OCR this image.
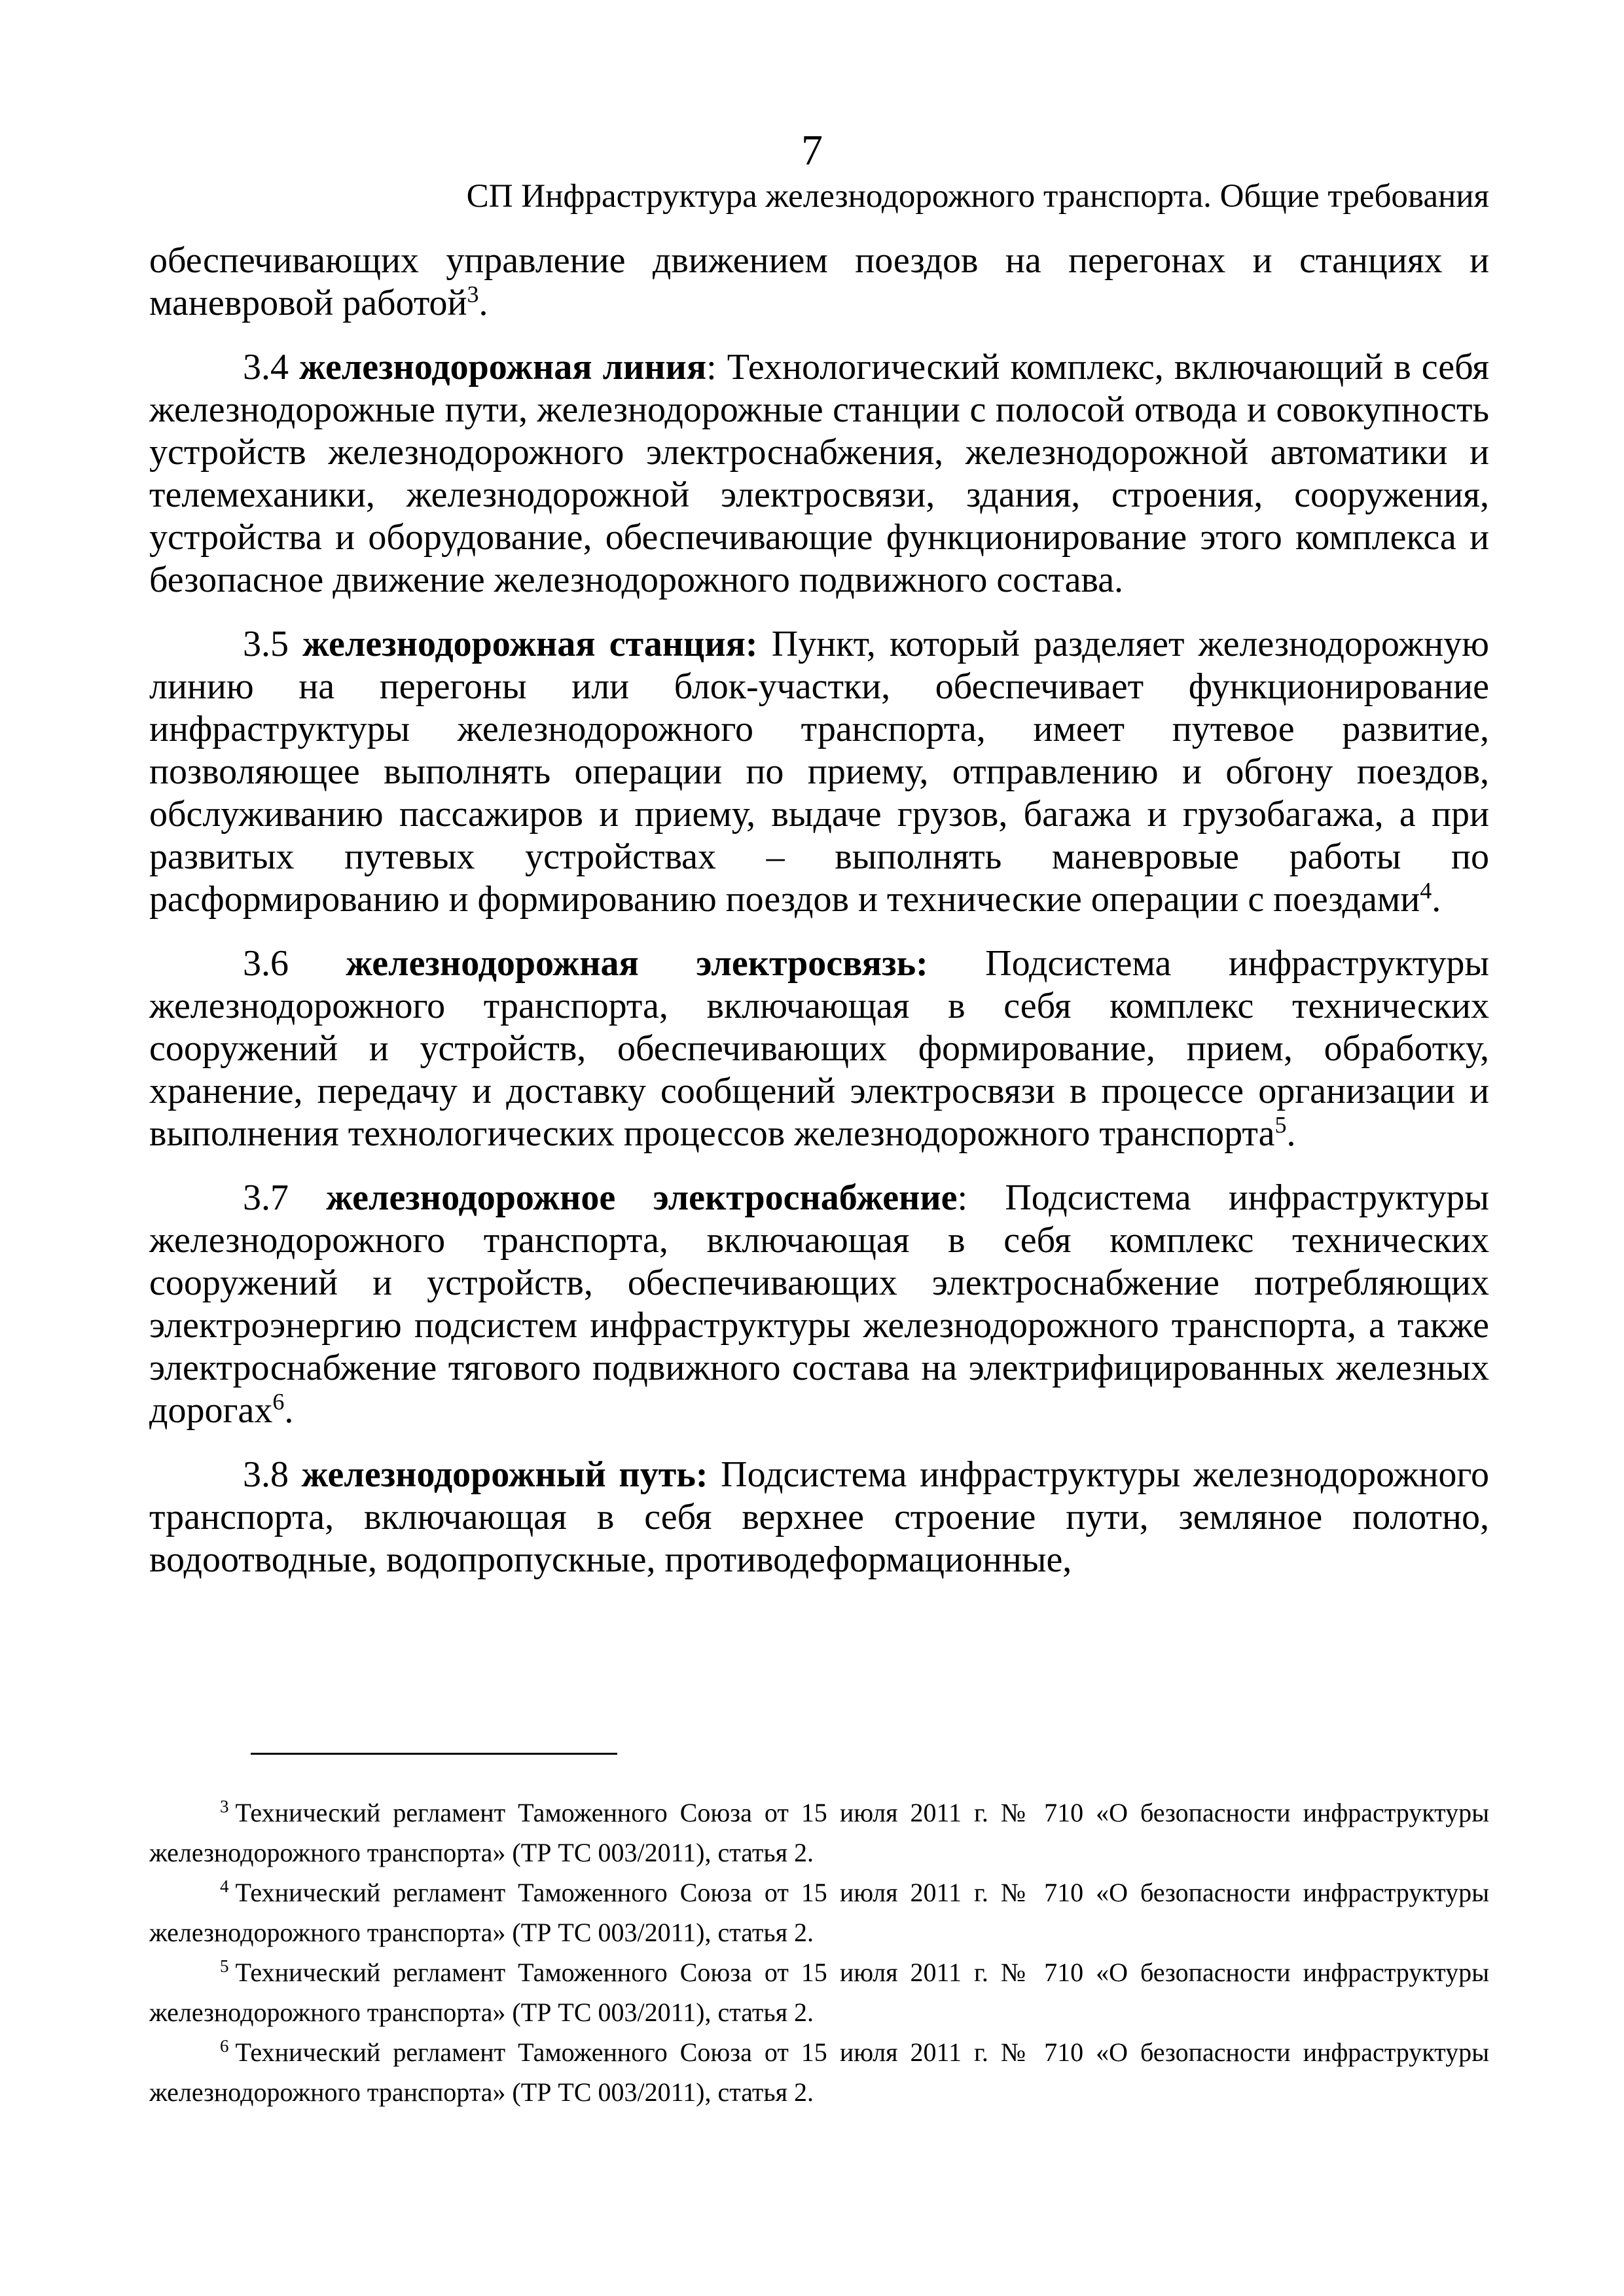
7
СП Инфраструктура железнодорожного транспорта. Общие требования

обеспечивающих управление движением поездов на перегонах и станциях и маневровой работой$^3$.

3.4 железнодорожная линия: Технологический комплекс, включающий в себя железнодорожные пути, железнодорожные станции с полосой отвода и совокупность устройств железнодорожного электроснабжения, железнодорожной автоматики и телемеханики, железнодорожной электросвязи, здания, строения, сооружения, устройства и оборудование, обеспечивающие функционирование этого комплекса и безопасное движение железнодорожного подвижного состава.

3.5 железнодорожная станция: Пункт, который разделяет железнодорожную линию на перегоны или блок-участки, обеспечивает функционирование инфраструктуры железнодорожного транспорта, имеет путевое развитие, позволяющее выполнять операции по приему, отправлению и обгону поездов, обслуживанию пассажиров и приему, выдаче грузов, багажа и грузобагажа, а при развитых путевых устройствах – выполнять маневровые работы по расформированию и формированию поездов и технические операции с поездами$^4$.

3.6 железнодорожная электросвязь: Подсистема инфраструктуры железнодорожного транспорта, включающая в себя комплекс технических сооружений и устройств, обеспечивающих формирование, прием, обработку, хранение, передачу и доставку сообщений электросвязи в процессе организации и выполнения технологических процессов железнодорожного транспорта$^5$.

3.7 железнодорожное электроснабжение: Подсистема инфраструктуры железнодорожного транспорта, включающая в себя комплекс технических сооружений и устройств, обеспечивающих электроснабжение потребляющих электроэнергию подсистем инфраструктуры железнодорожного транспорта, а также электроснабжение тягового подвижного состава на электрифицированных железных дорогах$^6$.

3.8 железнодорожный путь: Подсистема инфраструктуры железнодорожного транспорта, включающая в себя верхнее строение пути, земляное полотно, водоотводные, водопропускные, противодеформационные,

$^3$ Технический регламент Таможенного Союза от 15 июля 2011 г. № 710 «О безопасности инфраструктуры железнодорожного транспорта» (ТР ТС 003/2011), статья 2.

$^4$ Технический регламент Таможенного Союза от 15 июля 2011 г. № 710 «О безопасности инфраструктуры железнодорожного транспорта» (ТР ТС 003/2011), статья 2.

$^5$ Технический регламент Таможенного Союза от 15 июля 2011 г. № 710 «О безопасности инфраструктуры железнодорожного транспорта» (ТР ТС 003/2011), статья 2.

$^6$ Технический регламент Таможенного Союза от 15 июля 2011 г. № 710 «О безопасности инфраструктуры железнодорожного транспорта» (ТР ТС 003/2011), статья 2.
